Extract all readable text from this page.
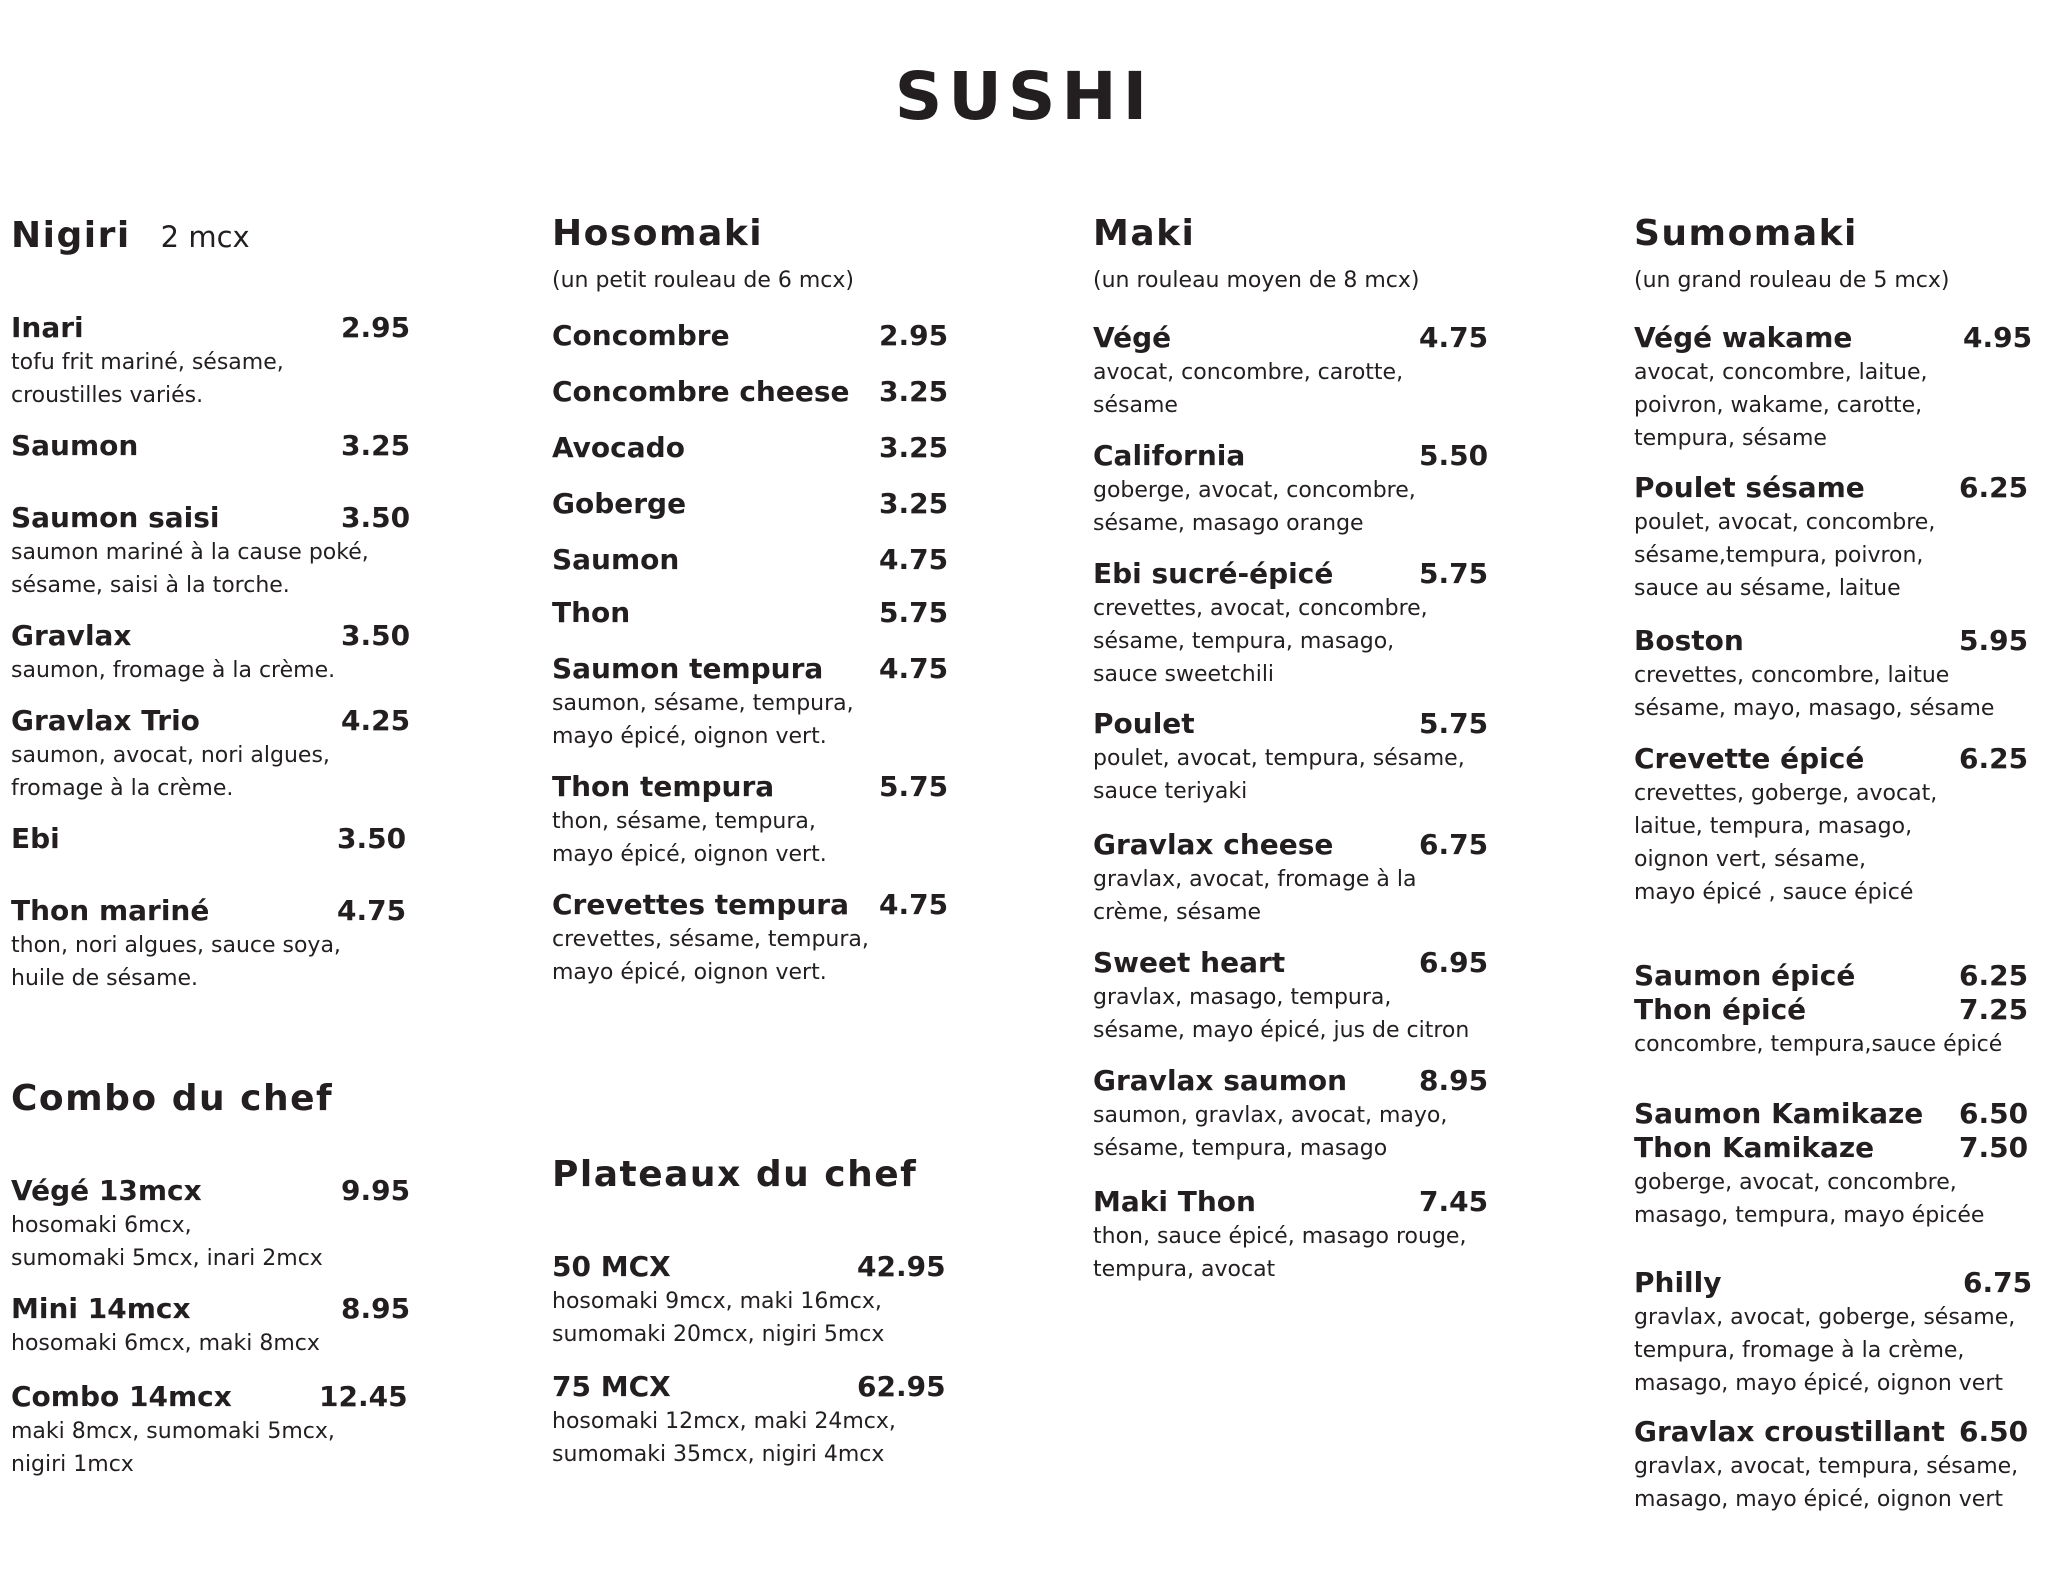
SUSHI
Nigiri 2 mcx
Inari	2.95
tofu frit mariné, sésame,
croustilles variés.
Saumon	3.25
Saumon saisi	3.50
saumon mariné à la cause poké,
sésame, saisi à la torche.
Gravlax	3.50
saumon, fromage à la crème.
Gravlax Trio	4.25
saumon, avocat, nori algues,
fromage à la crème.
Ebi	3.50
Thon mariné	4.75
thon, nori algues, sauce soya,
huile de sésame.
Combo du chef
Végé 13mcx	9.95
hosomaki 6mcx,
sumomaki 5mcx, inari 2mcx
Mini 14mcx	8.95
hosomaki 6mcx, maki 8mcx
Combo 14mcx	12.45
maki 8mcx, sumomaki 5mcx,
nigiri 1mcx
Hosomaki
(un petit rouleau de 6 mcx)
Concombre	2.95
Concombre cheese 3.25
Avocado	3.25
Goberge	3.25
Saumon	4.75
Thon	5.75
Saumon tempura 4.75
saumon, sésame, tempura,
mayo épicé, oignon vert.
Thon tempura	5.75
thon, sésame, tempura,
mayo épicé, oignon vert.
Crevettes tempura 4.75
crevettes, sésame, tempura,
mayo épicé, oignon vert.
Plateaux du chef
50 MCX	42.95
hosomaki 9mcx, maki 16mcx,
sumomaki 20mcx, nigiri 5mcx
75 MCX	62.95
hosomaki 12mcx, maki 24mcx,
sumomaki 35mcx, nigiri 4mcx
Maki
(un rouleau moyen de 8 mcx)
Végé	4.75
avocat, concombre, carotte,
sésame
California	5.50
goberge, avocat, concombre,
sésame, masago orange
Ebi sucré-épicé	5.75
crevettes, avocat, concombre,
sésame, tempura, masago,
sauce sweetchili
Poulet	5.75
poulet, avocat, tempura, sésame,
sauce teriyaki
Gravlax cheese	6.75
gravlax, avocat, fromage à la
crème, sésame
Sweet heart	6.95
gravlax, masago, tempura,
sésame, mayo épicé, jus de citron
Gravlax saumon	8.95
saumon, gravlax, avocat, mayo,
sésame, tempura, masago
Maki Thon	7.45
thon, sauce épicé, masago rouge,
tempura, avocat
Sumomaki
(un grand rouleau de 5 mcx)
Végé wakame	4.95
avocat, concombre, laitue,
poivron, wakame, carotte,
tempura, sésame
Poulet sésame	6.25
poulet, avocat, concombre,
sésame,tempura, poivron,
sauce au sésame, laitue
Boston	5.95
crevettes, concombre, laitue
sésame, mayo, masago, sésame
Crevette épicé	6.25
crevettes, goberge, avocat,
laitue, tempura, masago,
oignon vert, sésame,
mayo épicé , sauce épicé
Saumon épicé	6.25
Thon épicé	7.25
concombre, tempura,sauce épicé
Saumon Kamikaze 6.50
Thon Kamikaze	7.50
goberge, avocat, concombre,
masago, tempura, mayo épicée
Philly	6.75
gravlax, avocat, goberge, sésame,
tempura, fromage à la crème,
masago, mayo épicé, oignon vert
Gravlax croustillant 6.50
gravlax, avocat, tempura, sésame,
masago, mayo épicé, oignon vert
